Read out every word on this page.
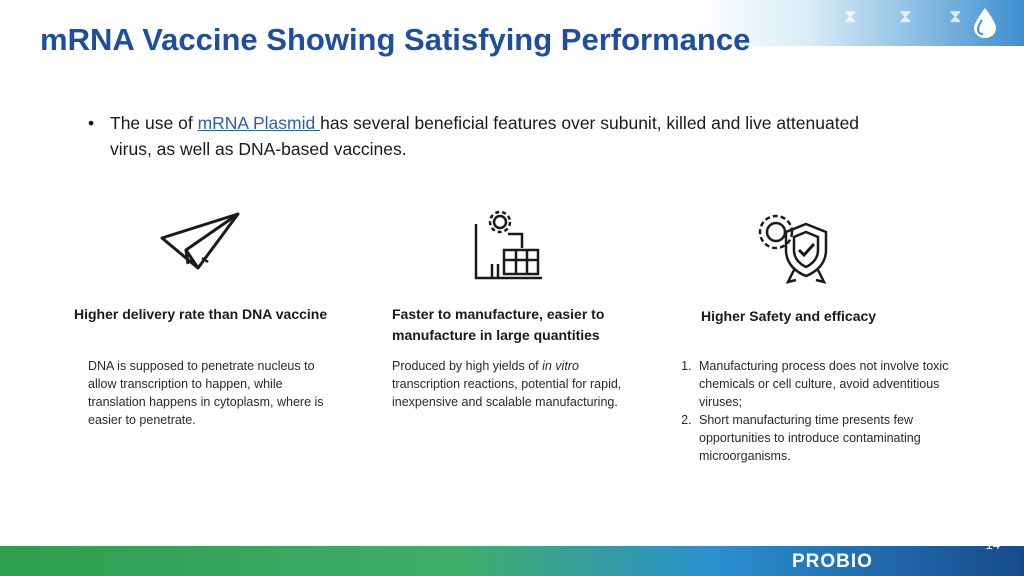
⧗ ⧗ ⧗
mRNA Vaccine Showing Satisfying Performance
• The use of mRNA Plasmid has several beneficial features over subunit, killed and live attenuated virus, as well as DNA-based vaccines.
Higher delivery rate than DNA vaccine	Faster to manufacture, easier to manufacture in large quantities
Higher Safety and efficacy
DNA is supposed to penetrate nucleus to allow transcription to happen, while translation happens in cytoplasm, where is easier to penetrate.
Produced by high yields of in vitro transcription reactions, potential for rapid, inexpensive and scalable manufacturing.
1. Manufacturing process does not involve toxic chemicals or cell culture, avoid adventitious viruses;
2. Short manufacturing time presents few opportunities to introduce contaminating microorganisms.
PROBIO
14
